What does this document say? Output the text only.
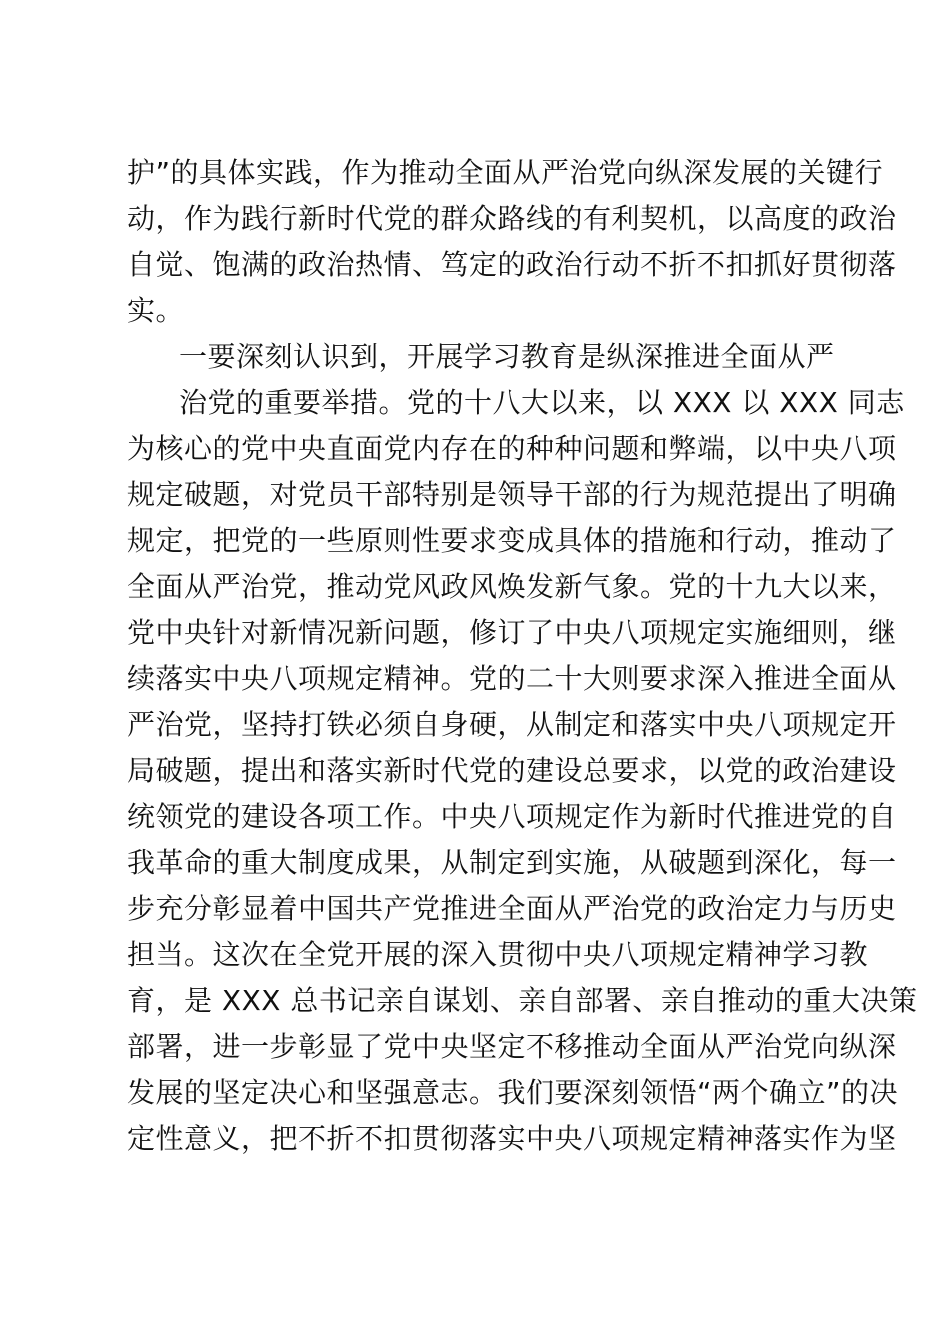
护”的具体实践，作为推动全面从严治党向纵深发展的关键行
动，作为践行新时代党的群众路线的有利契机，以高度的政治
自觉、饱满的政治热情、笃定的政治行动不折不扣抓好贯彻落
实。
一要深刻认识到，开展学习教育是纵深推进全面从严
治党的重要举措。党的十八大以来，以 XXX 以 XXX 同志
为核心的党中央直面党内存在的种种问题和弊端，以中央八项
规定破题，对党员干部特别是领导干部的行为规范提出了明确
规定，把党的一些原则性要求变成具体的措施和行动，推动了
全面从严治党，推动党风政风焕发新气象。党的十九大以来，
党中央针对新情况新问题，修订了中央八项规定实施细则，继
续落实中央八项规定精神。党的二十大则要求深入推进全面从
严治党，坚持打铁必须自身硬，从制定和落实中央八项规定开
局破题，提出和落实新时代党的建设总要求，以党的政治建设
统领党的建设各项工作。中央八项规定作为新时代推进党的自
我革命的重大制度成果，从制定到实施，从破题到深化，每一
步充分彰显着中国共产党推进全面从严治党的政治定力与历史
担当。这次在全党开展的深入贯彻中央八项规定精神学习教
育，是 XXX 总书记亲自谋划、亲自部署、亲自推动的重大决策
部署，进一步彰显了党中央坚定不移推动全面从严治党向纵深
发展的坚定决心和坚强意志。我们要深刻领悟“两个确立”的决
定性意义，把不折不扣贯彻落实中央八项规定精神落实作为坚
